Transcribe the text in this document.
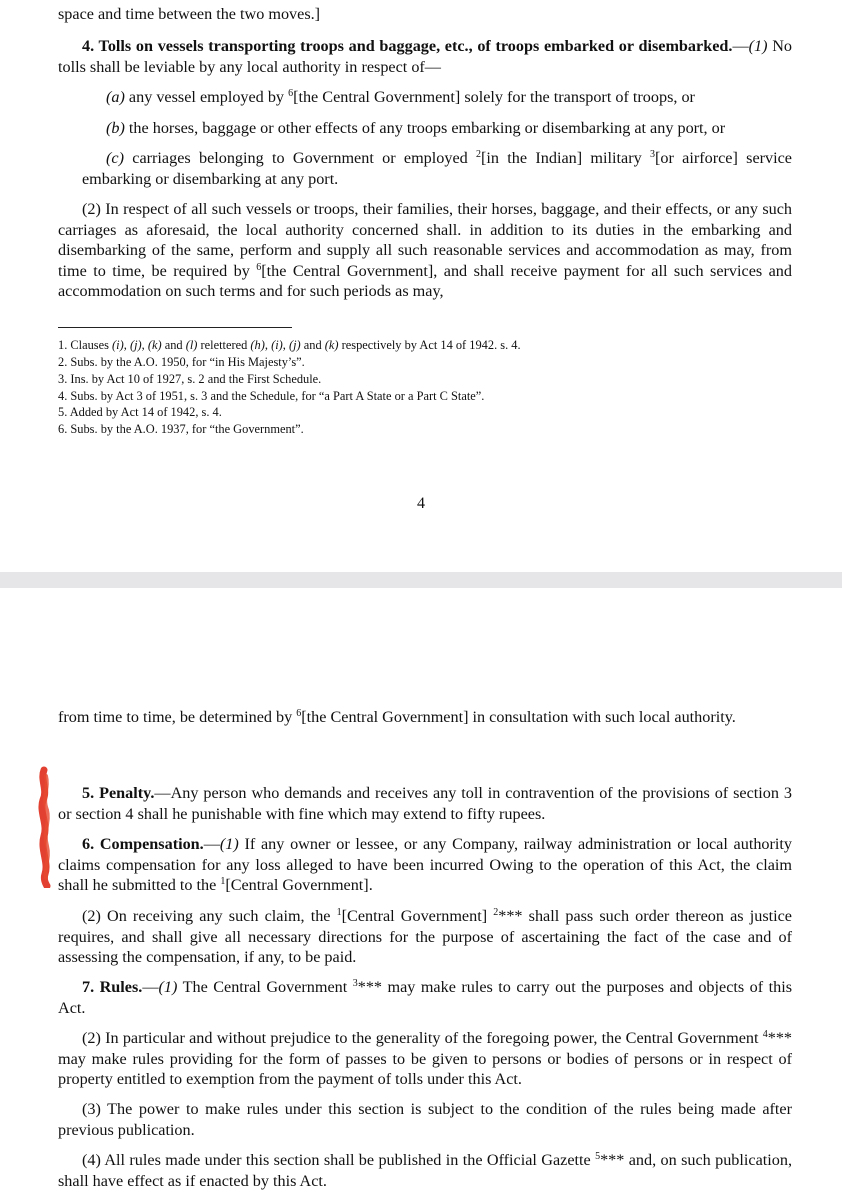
space and time between the two moves.]

4. Tolls on vessels transporting troops and baggage, etc., of troops embarked or disembarked.—(1) No tolls shall be leviable by any local authority in respect of—

(a) any vessel employed by $^6$[the Central Government] solely for the transport of troops, or

(b) the horses, baggage or other effects of any troops embarking or disembarking at any port, or

(c) carriages belonging to Government or employed $^2$[in the Indian] military $^3$[or airforce] service embarking or disembarking at any port.

(2) In respect of all such vessels or troops, their families, their horses, baggage, and their effects, or any such carriages as aforesaid, the local authority concerned shall. in addition to its duties in the embarking and disembarking of the same, perform and supply all such reasonable services and accommodation as may, from time to time, be required by $^6$[the Central Government], and shall receive payment for all such services and accommodation on such terms and for such periods as may,

1. Clauses (i), (j), (k) and (l) relettered (h), (i), (j) and (k) respectively by Act 14 of 1942. s. 4.

2. Subs. by the A.O. 1950, for “in His Majesty’s”.

3. Ins. by Act 10 of 1927, s. 2 and the First Schedule.

4. Subs. by Act 3 of 1951, s. 3 and the Schedule, for “a Part A State or a Part C State”.

5. Added by Act 14 of 1942, s. 4.

6. Subs. by the A.O. 1937, for “the Government”.

4

from time to time, be determined by $^6$[the Central Government] in consultation with such local authority.

5. Penalty.—Any person who demands and receives any toll in contravention of the provisions of section 3 or section 4 shall he punishable with fine which may extend to fifty rupees.

6. Compensation.—(1) If any owner or lessee, or any Company, railway administration or local authority claims compensation for any loss alleged to have been incurred Owing to the operation of this Act, the claim shall he submitted to the $^1$[Central Government].

(2) On receiving any such claim, the $^1$[Central Government] $^2$*** shall pass such order thereon as justice requires, and shall give all necessary directions for the purpose of ascertaining the fact of the case and of assessing the compensation, if any, to be paid.

7. Rules.—(1) The Central Government $^3$*** may make rules to carry out the purposes and objects of this Act.

(2) In particular and without prejudice to the generality of the foregoing power, the Central Government $^4$*** may make rules providing for the form of passes to be given to persons or bodies of persons or in respect of property entitled to exemption from the payment of tolls under this Act.

(3) The power to make rules under this section is subject to the condition of the rules being made after previous publication.

(4) All rules made under this section shall be published in the Official Gazette $^5$*** and, on such publication, shall have effect as if enacted by this Act.
